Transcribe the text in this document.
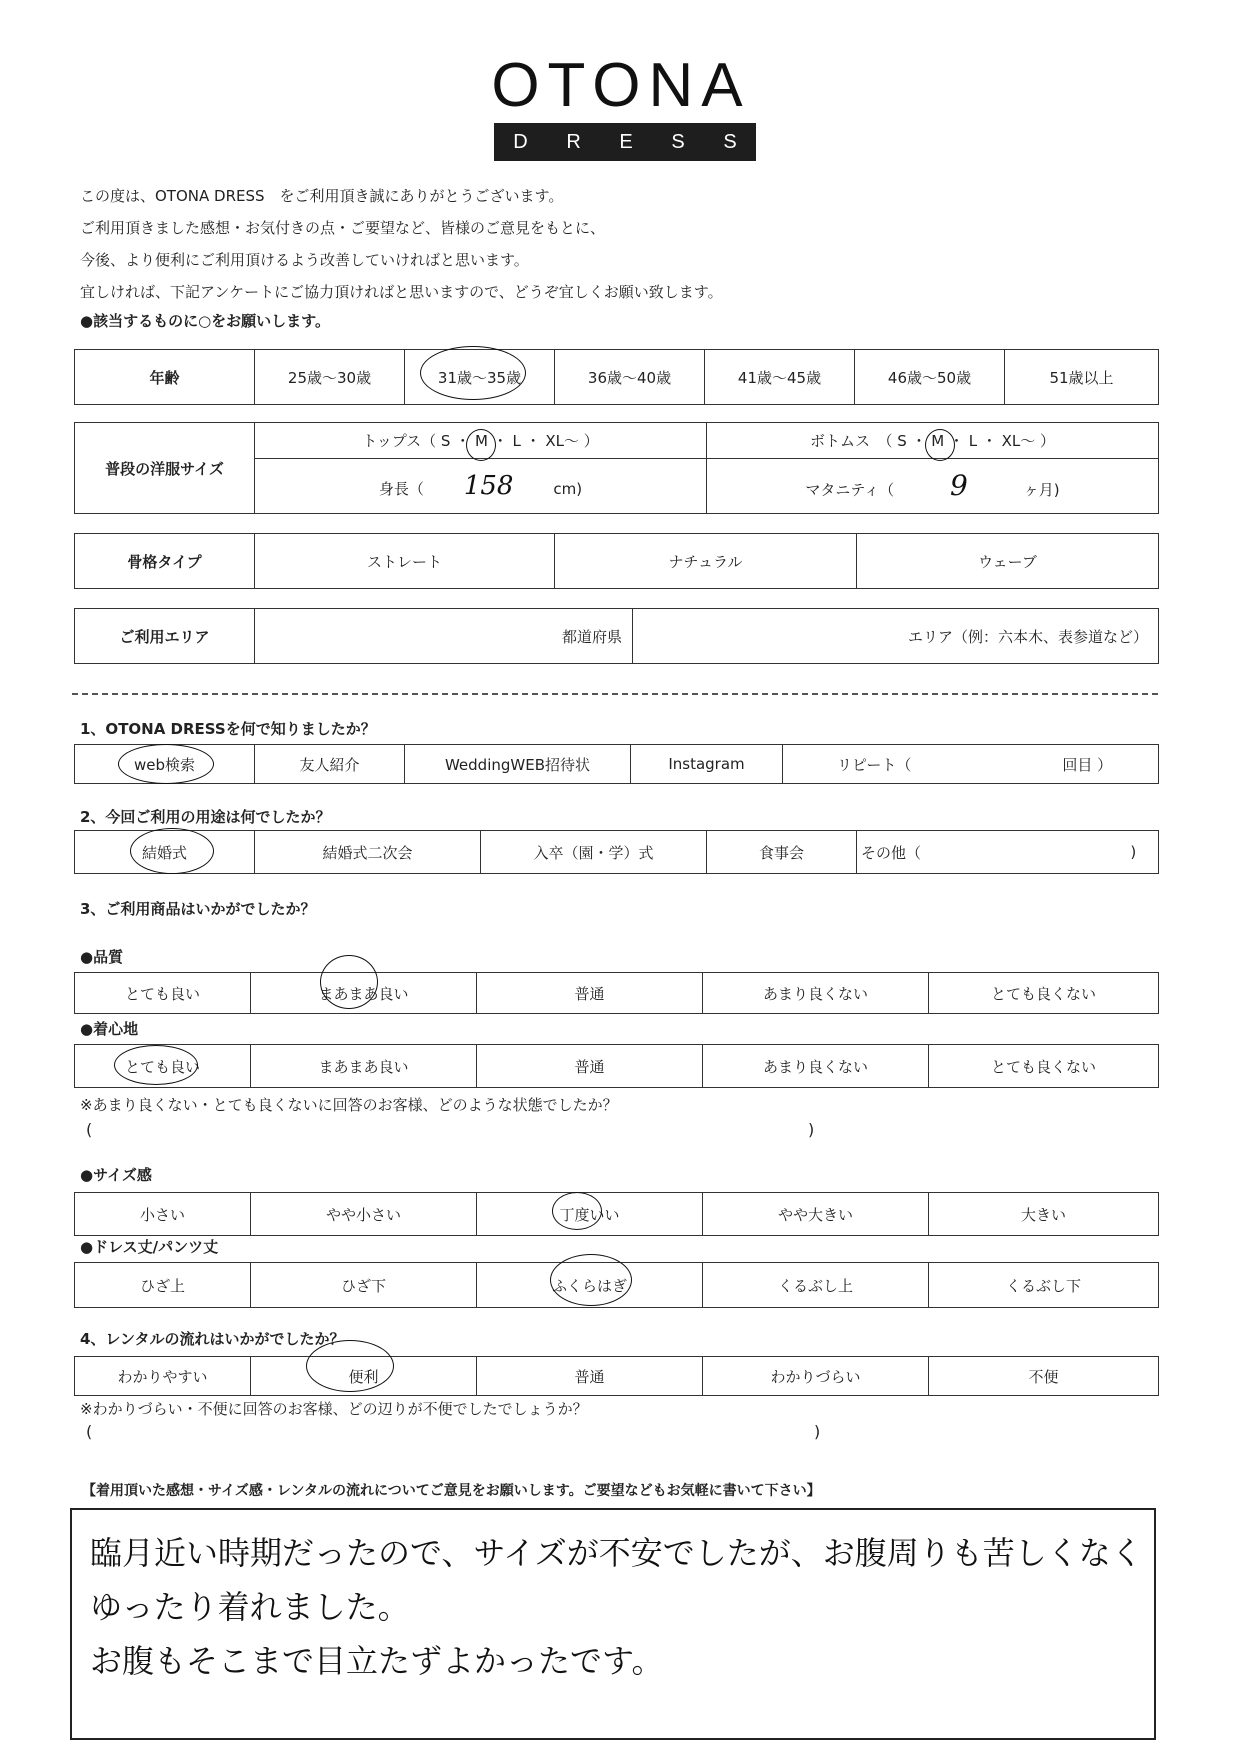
OTONA
D R E S S
この度は、OTONA DRESS　をご利用頂き誠にありがとうございます。
ご利用頂きました感想・お気付きの点・ご要望など、皆様のご意見をもとに、
今後、より便利にご利用頂けるよう改善していければと思います。
宜しければ、下記アンケートにご協力頂ければと思いますので、どうぞ宜しくお願い致します。
●該当するものに○をお願いします。
年齢	25歳～30歳	31歳～35歳	36歳～40歳	41歳～45歳	46歳～50歳	51歳以上
普段の洋服サイズ	トップス（ S ・ M ・ L ・ XL～ ）	ボトムス　（ S ・ M ・ L ・ XL～ ）
	身長（ 158 cm)	マタニティ（ 9 ヶ月)
骨格タイプ	ストレート	ナチュラル	ウェーブ
ご利用エリア	都道府県	エリア（例：六本木、表参道など）
1、OTONA DRESSを何で知りましたか？
web検索	友人紹介	WeddingWEB招待状	Instagram	リピート（	回目 ）
2、今回ご利用の用途は何でしたか？
結婚式	結婚式二次会	入卒（園・学）式	食事会	その他（	)
3、ご利用商品はいかがでしたか？
●品質
とても良い	まあまあ良い	普通	あまり良くない	とても良くない
●着心地
とても良い	まあまあ良い	普通	あまり良くない	とても良くない
※あまり良くない・とても良くないに回答のお客様、どのような状態でしたか？
(	)
●サイズ感
小さい	やや小さい	丁度いい	やや大きい	大きい
●ドレス丈/パンツ丈
ひざ上	ひざ下	ふくらはぎ	くるぶし上	くるぶし下
4、レンタルの流れはいかがでしたか？
わかりやすい	便利	普通	わかりづらい	不便
※わかりづらい・不便に回答のお客様、どの辺りが不便でしたでしょうか？
(	)
【着用頂いた感想・サイズ感・レンタルの流れについてご意見をお願いします。ご要望などもお気軽に書いて下さい】
臨月近い時期だったので、サイズが不安でしたが、お腹周りも苦しくなく
ゆったり着れました。
お腹もそこまで目立たずよかったです。
